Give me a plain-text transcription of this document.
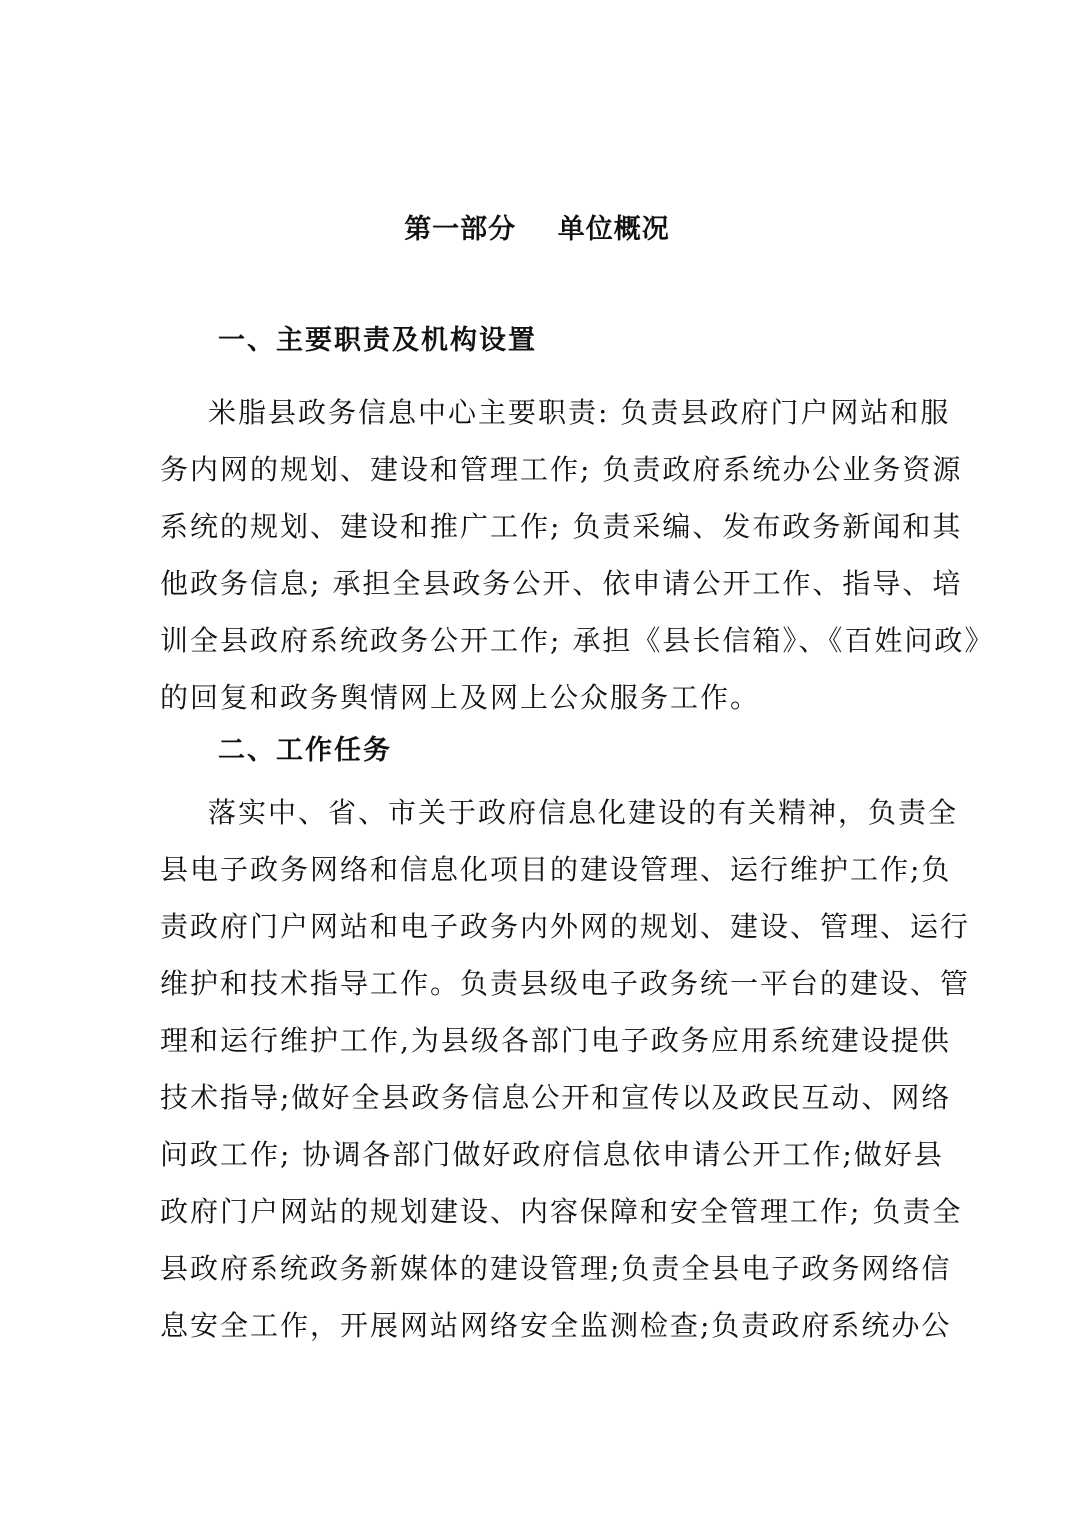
第一部分    单位概况
一、主要职责及机构设置
米脂县政务信息中心主要职责: 负责县政府门户网站和服
务内网的规划、建设和管理工作; 负责政府系统办公业务资源
系统的规划、建设和推广工作; 负责采编、发布政务新闻和其
他政务信息; 承担全县政务公开、依申请公开工作、指导、培
训全县政府系统政务公开工作; 承担《县长信箱》、《百姓问政》
的回复和政务舆情网上及网上公众服务工作。
二、工作任务
落实中、省、市关于政府信息化建设的有关精神，负责全
县电子政务网络和信息化项目的建设管理、运行维护工作;负
责政府门户网站和电子政务内外网的规划、建设、管理、运行
维护和技术指导工作。负责县级电子政务统一平台的建设、管
理和运行维护工作,为县级各部门电子政务应用系统建设提供
技术指导;做好全县政务信息公开和宣传以及政民互动、网络
问政工作; 协调各部门做好政府信息依申请公开工作;做好县
政府门户网站的规划建设、内容保障和安全管理工作; 负责全
县政府系统政务新媒体的建设管理;负责全县电子政务网络信
息安全工作，开展网站网络安全监测检查;负责政府系统办公
